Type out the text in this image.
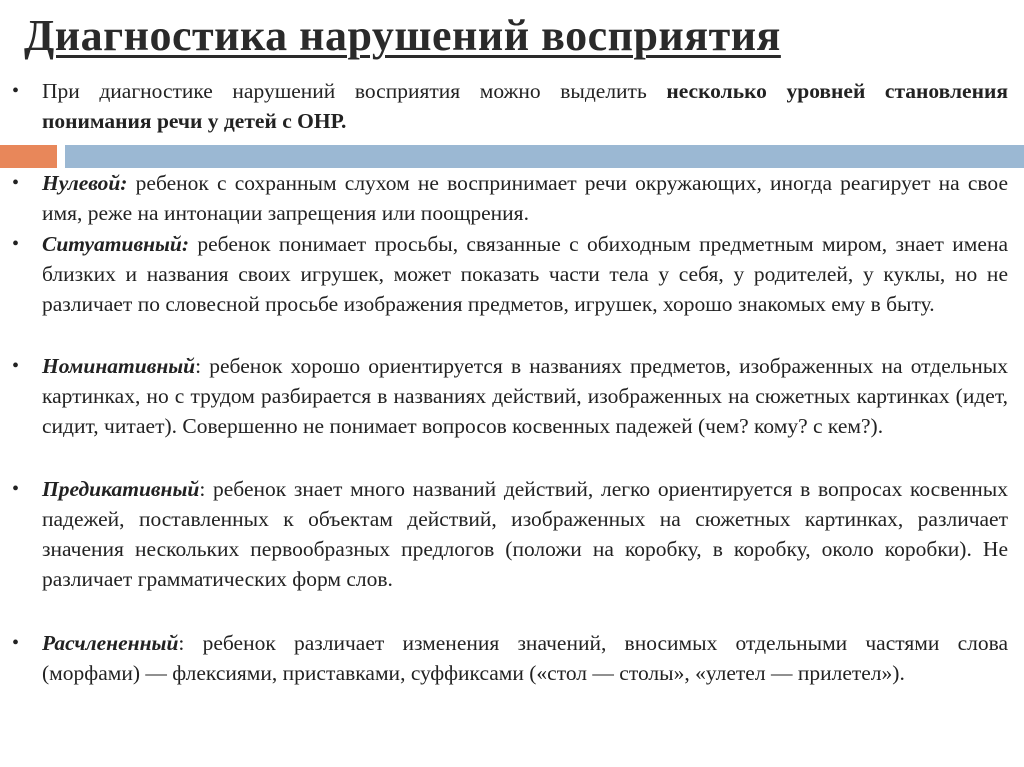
Диагностика нарушений восприятия
•	При диагностике нарушений восприятия можно выделить несколько уровней становления понимания речи у детей с ОНР.
•	Нулевой: ребенок с сохранным слухом не воспринимает речи окружающих, иногда реагирует на свое имя, реже на интонации запрещения или поощрения.
•	Ситуативный: ребенок понимает просьбы, связанные с обиходным предметным миром, знает имена близких и названия своих игрушек, может показать части тела у себя, у родителей, у куклы, но не различает по словесной просьбе изображения предметов, игрушек, хорошо знакомых ему в быту.
•	Номинативный: ребенок хорошо ориентируется в названиях предметов, изображенных на отдельных картинках, но с трудом разбирается в названиях действий, изображенных на сюжетных картинках (идет, сидит, читает). Совершенно не понимает вопросов косвенных падежей (чем? кому? с кем?).
•	Предикативный: ребенок знает много названий действий, легко ориентируется в вопросах косвенных падежей, поставленных к объектам действий, изображенных на сюжетных картинках, различает значения нескольких первообразных предлогов (положи на коробку, в коробку, около коробки). Не различает грамматических форм слов.
•	Расчлененный: ребенок различает изменения значений, вносимых отдельными частями слова (морфами) — флексиями, приставками, суффиксами («стол — столы», «улетел — прилетел»).
